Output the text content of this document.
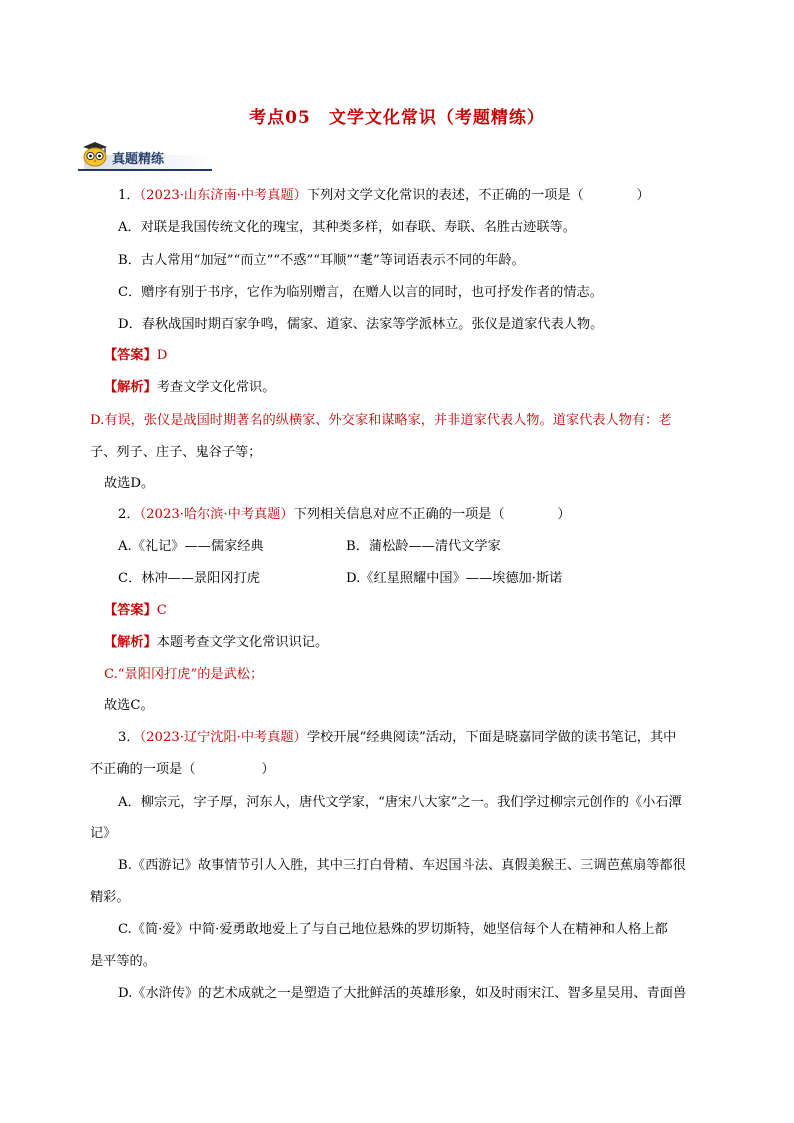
考点05　文学文化常识（考题精练）
真题精练
1．（2023·山东济南·中考真题）下列对文学文化常识的表述，不正确的一项是（　　　　）
A．对联是我国传统文化的瑰宝，其种类多样，如春联、寿联、名胜古迹联等。
B．古人常用“加冠”“而立”“不惑”“耳顺”“耄”等词语表示不同的年龄。
C．赠序有别于书序，它作为临别赠言，在赠人以言的同时，也可抒发作者的情志。
D．春秋战国时期百家争鸣，儒家、道家、法家等学派林立。张仪是道家代表人物。
【答案】D
【解析】考查文学文化常识。
D.有误，张仪是战国时期著名的纵横家、外交家和谋略家，并非道家代表人物。道家代表人物有：老
子、列子、庄子、鬼谷子等；
故选D。
2．（2023·哈尔滨·中考真题）下列相关信息对应不正确的一项是（　　　　）
A.《礼记》——儒家经典	B．蒲松龄——清代文学家
C．林冲——景阳冈打虎	D.《红星照耀中国》——埃德加·斯诺
【答案】C
【解析】本题考查文学文化常识识记。
C.“景阳冈打虎”的是武松；
故选C。
3．（2023·辽宁沈阳·中考真题）学校开展“经典阅读”活动，下面是晓嘉同学做的读书笔记，其中
不正确的一项是（　　　　　）
A．柳宗元，字子厚，河东人，唐代文学家，“唐宋八大家”之一。我们学过柳宗元创作的《小石潭
记》
B.《西游记》故事情节引人入胜，其中三打白骨精、车迟国斗法、真假美猴王、三调芭蕉扇等都很
精彩。
C.《简·爱》中简·爱勇敢地爱上了与自己地位悬殊的罗切斯特，她坚信每个人在精神和人格上都
是平等的。
D.《水浒传》的艺术成就之一是塑造了大批鲜活的英雄形象，如及时雨宋江、智多星吴用、青面兽
